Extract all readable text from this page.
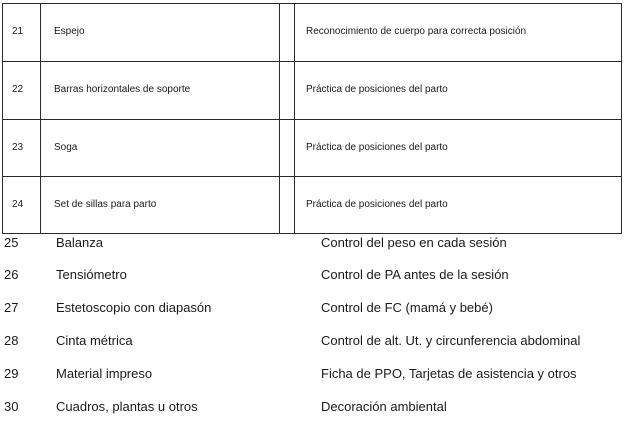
21	Espejo	Reconocimiento de cuerpo para correcta posición
22	Barras horizontales de soporte	Práctica de posiciones del parto
23	Soga	Práctica de posiciones del parto
24	Set de sillas para parto	Práctica de posiciones del parto
25	Balanza	Control del peso en cada sesión
26	Tensiómetro	Control de PA antes de la sesión
27	Estetoscopio con diapasón	Control de FC (mamá y bebé)
28	Cinta métrica	Control de alt. Ut. y circunferencia abdominal
29	Material impreso	Ficha de PPO, Tarjetas de asistencia y otros
30	Cuadros, plantas u otros	Decoración ambiental
